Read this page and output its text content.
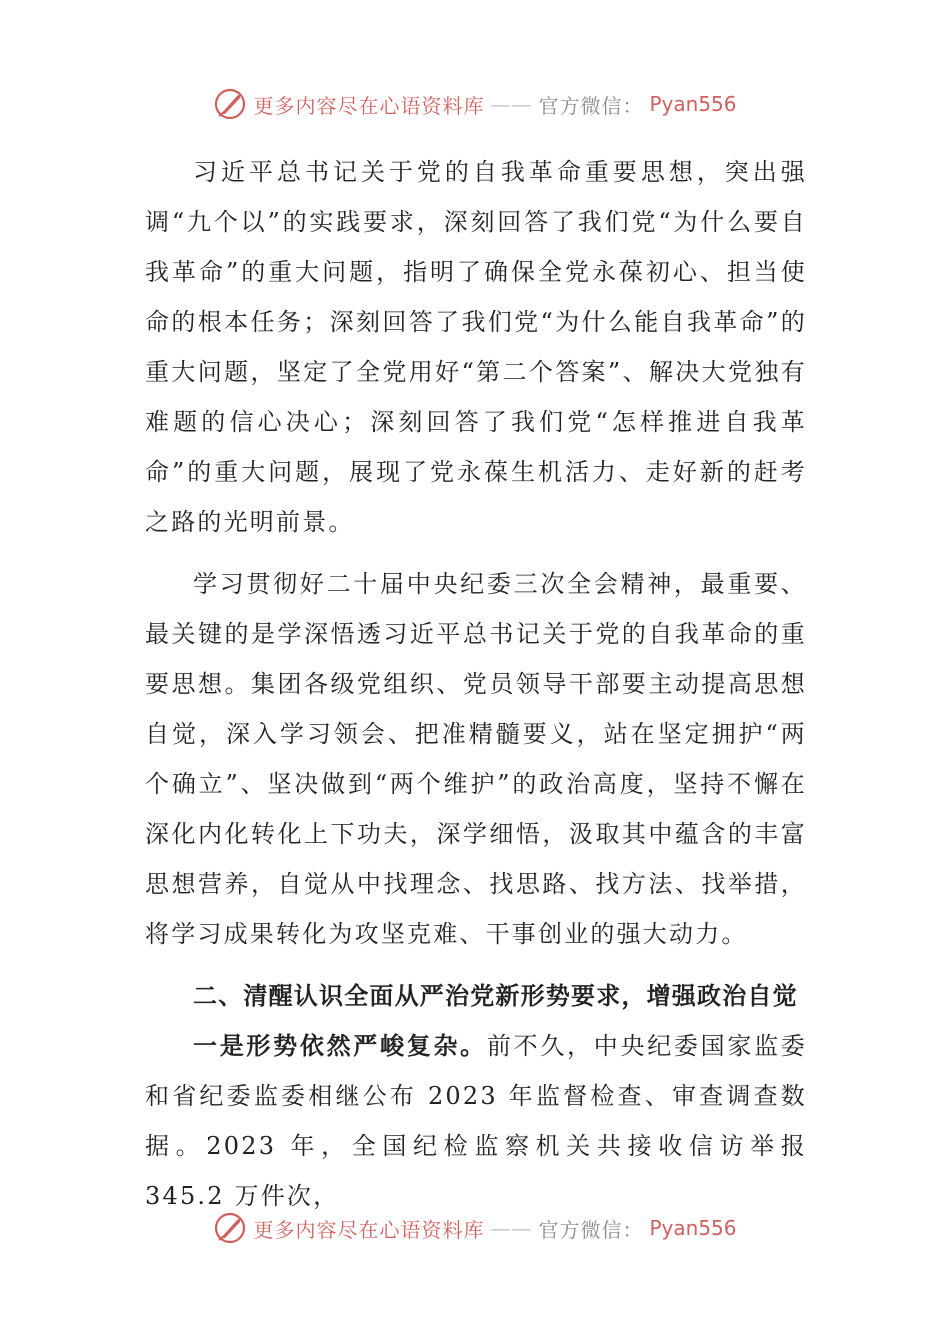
更多内容尽在心语资料库 —— 官方微信： Pyan556

习近平总书记关于党的自我革命重要思想，突出强调“九个以”的实践要求，深刻回答了我们党“为什么要自我革命”的重大问题，指明了确保全党永葆初心、担当使命的根本任务；深刻回答了我们党“为什么能自我革命”的重大问题，坚定了全党用好“第二个答案”、解决大党独有难题的信心决心；深刻回答了我们党“怎样推进自我革命”的重大问题，展现了党永葆生机活力、走好新的赶考之路的光明前景。

学习贯彻好二十届中央纪委三次全会精神，最重要、最关键的是学深悟透习近平总书记关于党的自我革命的重要思想。集团各级党组织、党员领导干部要主动提高思想自觉，深入学习领会、把准精髓要义，站在坚定拥护“两个确立”、坚决做到“两个维护”的政治高度，坚持不懈在深化内化转化上下功夫，深学细悟，汲取其中蕴含的丰富思想营养，自觉从中找理念、找思路、找方法、找举措，将学习成果转化为攻坚克难、干事创业的强大动力。

二、清醒认识全面从严治党新形势要求，增强政治自觉

一是形势依然严峻复杂。前不久，中央纪委国家监委和省纪委监委相继公布 2023 年监督检查、审查调查数据。2023 年，全国纪检监察机关共接收信访举报 345.2 万件次，

更多内容尽在心语资料库 —— 官方微信： Pyan556
